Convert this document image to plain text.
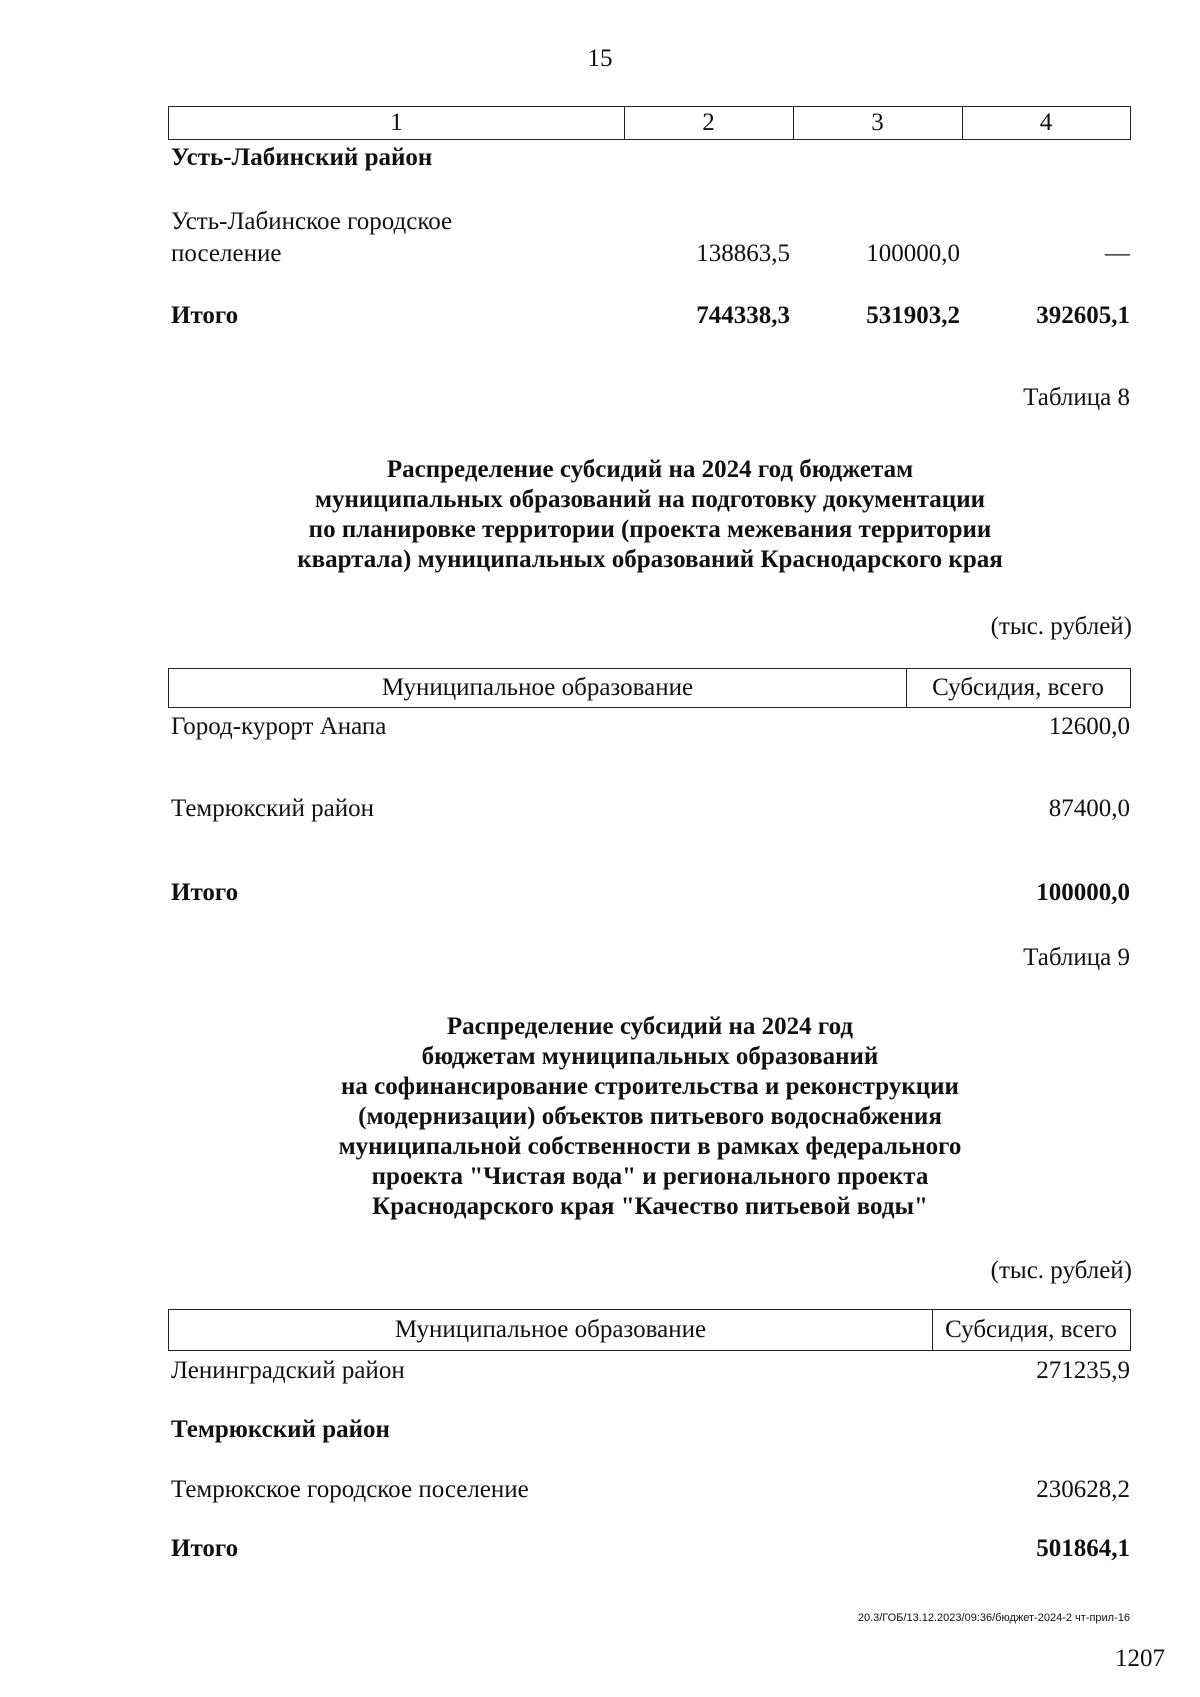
15
1	2	3	4
Усть-Лабинский район
Усть-Лабинское городское
поселение	138863,5	100000,0	—
Итого	744338,3	531903,2	392605,1
Таблица 8
Распределение субсидий на 2024 год бюджетам
муниципальных образований на подготовку документации
по планировке территории (проекта межевания территории
квартала) муниципальных образований Краснодарского края
(тыс. рублей)
Муниципальное образование	Субсидия, всего
Город-курорт Анапа	12600,0
Темрюкский район	87400,0
Итого	100000,0
Таблица 9
Распределение субсидий на 2024 год
бюджетам муниципальных образований
на софинансирование строительства и реконструкции
(модернизации) объектов питьевого водоснабжения
муниципальной собственности в рамках федерального
проекта "Чистая вода" и регионального проекта
Краснодарского края "Качество питьевой воды"
(тыс. рублей)
Муниципальное образование	Субсидия, всего
Ленинградский район	271235,9
Темрюкский район
Темрюкское городское поселение	230628,2
Итого	501864,1
20.3/ГОБ/13.12.2023/09:36/бюджет-2024-2 чт-прил-16
1207
